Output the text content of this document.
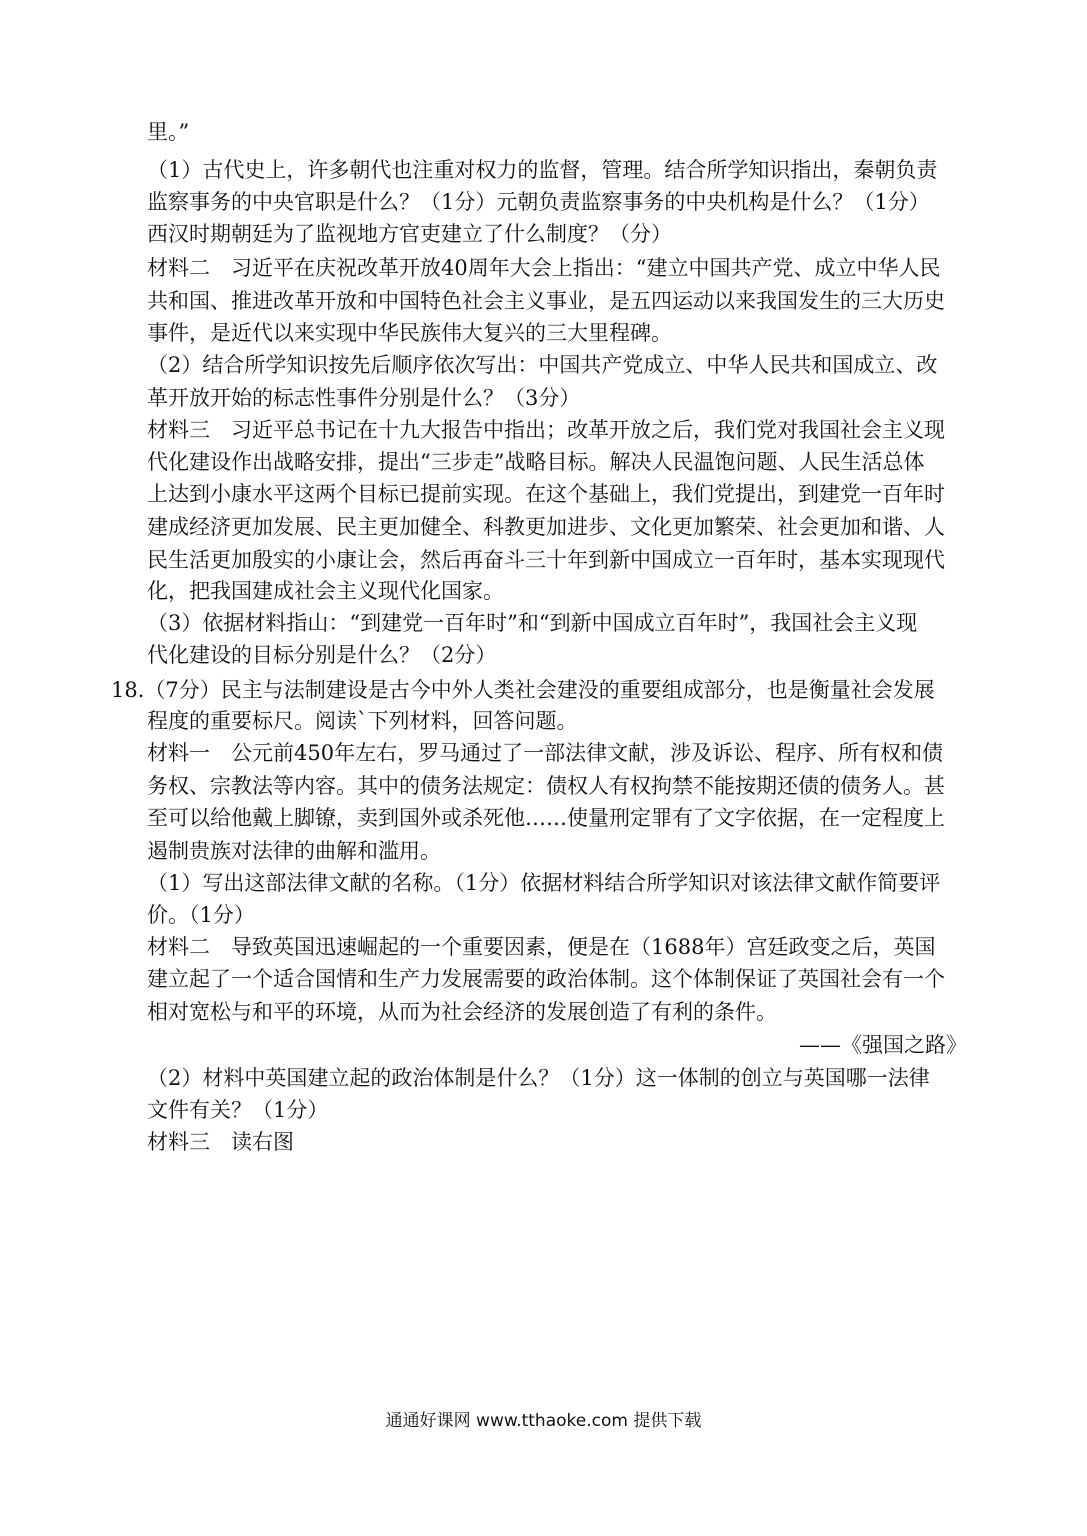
里。”
（1）古代史上，许多朝代也注重对权力的监督，管理。结合所学知识指出，秦朝负责
监察事务的中央官职是什么？（1分）元朝负责监察事务的中央机构是什么？（1分）
西汉时期朝廷为了监视地方官吏建立了什么制度？（分）
材料二　习近平在庆祝改革开放40周年大会上指出：“建立中国共产党、成立中华人民
共和国、推进改革开放和中国特色社会主义事业，是五四运动以来我国发生的三大历史
事件，是近代以来实现中华民族伟大复兴的三大里程碑。
（2）结合所学知识按先后顺序依次写出：中国共产党成立、中华人民共和国成立、改
革开放开始的标志性事件分别是什么？（3分）
材料三　习近平总书记在十九大报告中指出；改革开放之后，我们党对我国社会主义现
代化建设作出战略安排，提出“三步走”战略目标。解决人民温饱问题、人民生活总体
上达到小康水平这两个目标已提前实现。在这个基础上，我们党提出，到建党一百年时
建成经济更加发展、民主更加健全、科教更加进步、文化更加繁荣、社会更加和谐、人
民生活更加殷实的小康让会，然后再奋斗三十年到新中国成立一百年时，基本实现现代
化，把我国建成社会主义现代化国家。
（3）依据材料指山：“到建党一百年时”和“到新中国成立百年时”，我国社会主义现
代化建设的目标分别是什么？（2分）
18.（7分）民主与法制建设是古今中外人类社会建没的重要组成部分，也是衡量社会发展
程度的重要标尺。阅读`下列材料，回答问题。
材料一　公元前450年左右，罗马通过了一部法律文献，涉及诉讼、程序、所有权和债
务权、宗教法等内容。其中的债务法规定：债权人有权拘禁不能按期还债的债务人。甚
至可以给他戴上脚镣，卖到国外或杀死他……使量刑定罪有了文字依据，在一定程度上
遏制贵族对法律的曲解和滥用。
（1）写出这部法律文献的名称。（1分）依据材料结合所学知识对该法律文献作简要评
价。（1分）
材料二　导致英国迅速崛起的一个重要因素，便是在（1688年）宫廷政变之后，英国
建立起了一个适合国情和生产力发展需要的政治体制。这个体制保证了英国社会有一个
相对宽松与和平的环境，从而为社会经济的发展创造了有利的条件。
——《强国之路》
（2）材料中英国建立起的政治体制是什么？（1分）这一体制的创立与英国哪一法律
文件有关？（1分）
材料三　读右图
通通好课网 www.tthaoke.com 提供下载
